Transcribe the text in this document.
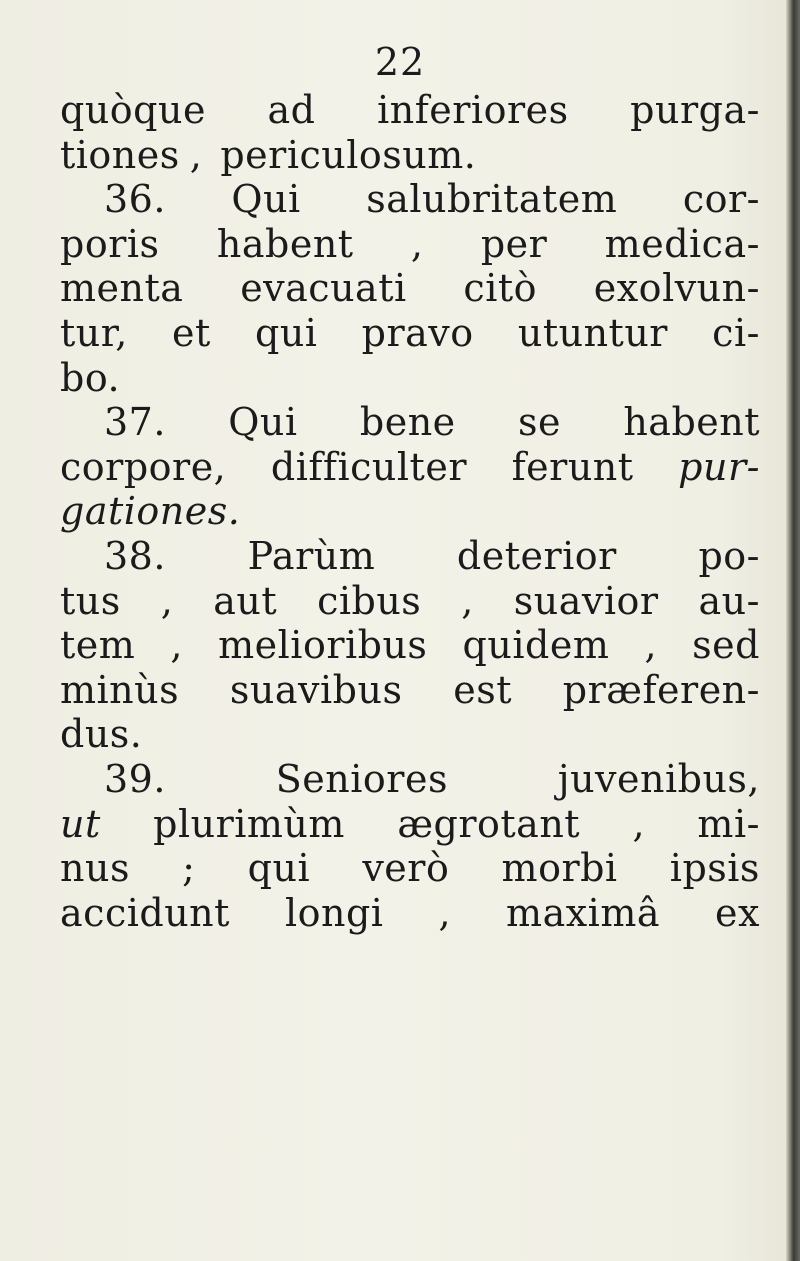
22
quòque ad inferiores purga-
tiones , periculosum.
36. Qui salubritatem cor-
poris habent , per medica-
menta evacuati citò exolvun-
tur, et qui pravo utuntur ci-
bo.
37. Qui bene se habent
corpore, difficulter ferunt pur-
gationes.
38. Parùm deterior po-
tus , aut cibus , suavior au-
tem , melioribus quidem , sed
minùs suavibus est præferen-
dus.
39.	Seniores	juvenibus,
ut plurimùm ægrotant , mi-
nus ; qui verò morbi ipsis
accidunt longi , maximâ ex
